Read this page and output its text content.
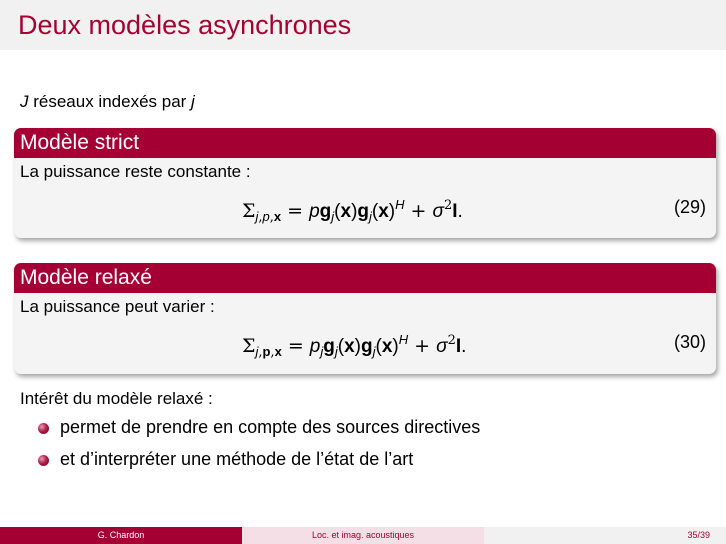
Deux modèles asynchrones
J réseaux indexés par j
Modèle strict
La puissance reste constante :
$\Sigma_{j,p,x} = pg_j(x)g_j(x)^H + \sigma^2I$.	(29)
Modèle relaxé
La puissance peut varier :
$\Sigma_{j,p,x} = p_jg_j(x)g_j(x)^H + \sigma^2I$.	(30)
Intérêt du modèle relaxé :
permet de prendre en compte des sources directives
et d’interpréter une méthode de l’état de l’art
G. Chardon	Loc. et imag. acoustiques	35/39
